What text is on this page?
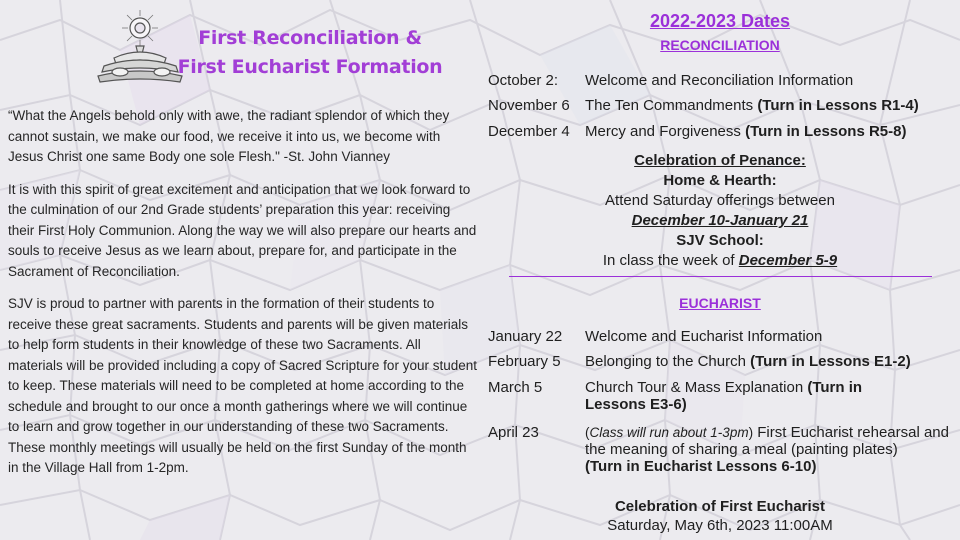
First Reconciliation &
First Eucharist Formation

“What the Angels behold only with awe, the radiant splendor of which they cannot sustain, we make our food, we receive it into us, we become with Jesus Christ one same Body one sole Flesh." -St. John Vianney

It is with this spirit of great excitement and anticipation that we look forward to the culmination of our 2nd Grade students’ preparation this year: receiving their First Holy Communion. Along the way we will also prepare our hearts and souls to receive Jesus as we learn about, prepare for, and participate in the Sacrament of Reconciliation.

SJV is proud to partner with parents in the formation of their students to receive these great sacraments. Students and parents will be given materials to help form students in their knowledge of these two Sacraments. All materials will be provided including a copy of Sacred Scripture for your student to keep. These materials will need to be completed at home according to the schedule and brought to our once a month gatherings where we will continue to learn and grow together in our understanding of these two Sacraments. These monthly meetings will usually be held on the first Sunday of the month in the Village Hall from 1-2pm.

2022-2023 Dates
RECONCILIATION
October 2:	Welcome and Reconciliation Information
November 6	The Ten Commandments (Turn in Lessons R1-4)
December 4	Mercy and Forgiveness (Turn in Lessons R5-8)
Celebration of Penance:
Home & Hearth:
Attend Saturday offerings between
December 10-January 21
SJV School:
In class the week of December 5-9
EUCHARIST
January 22	Welcome and Eucharist Information
February 5	Belonging to the Church (Turn in Lessons E1-2)
March 5	Church Tour & Mass Explanation (Turn in Lessons E3-6)
April 23	(Class will run about 1-3pm) First Eucharist rehearsal and the meaning of sharing a meal (painting plates)
(Turn in Eucharist Lessons 6-10)
Celebration of First Eucharist
Saturday, May 6th, 2023 11:00AM
